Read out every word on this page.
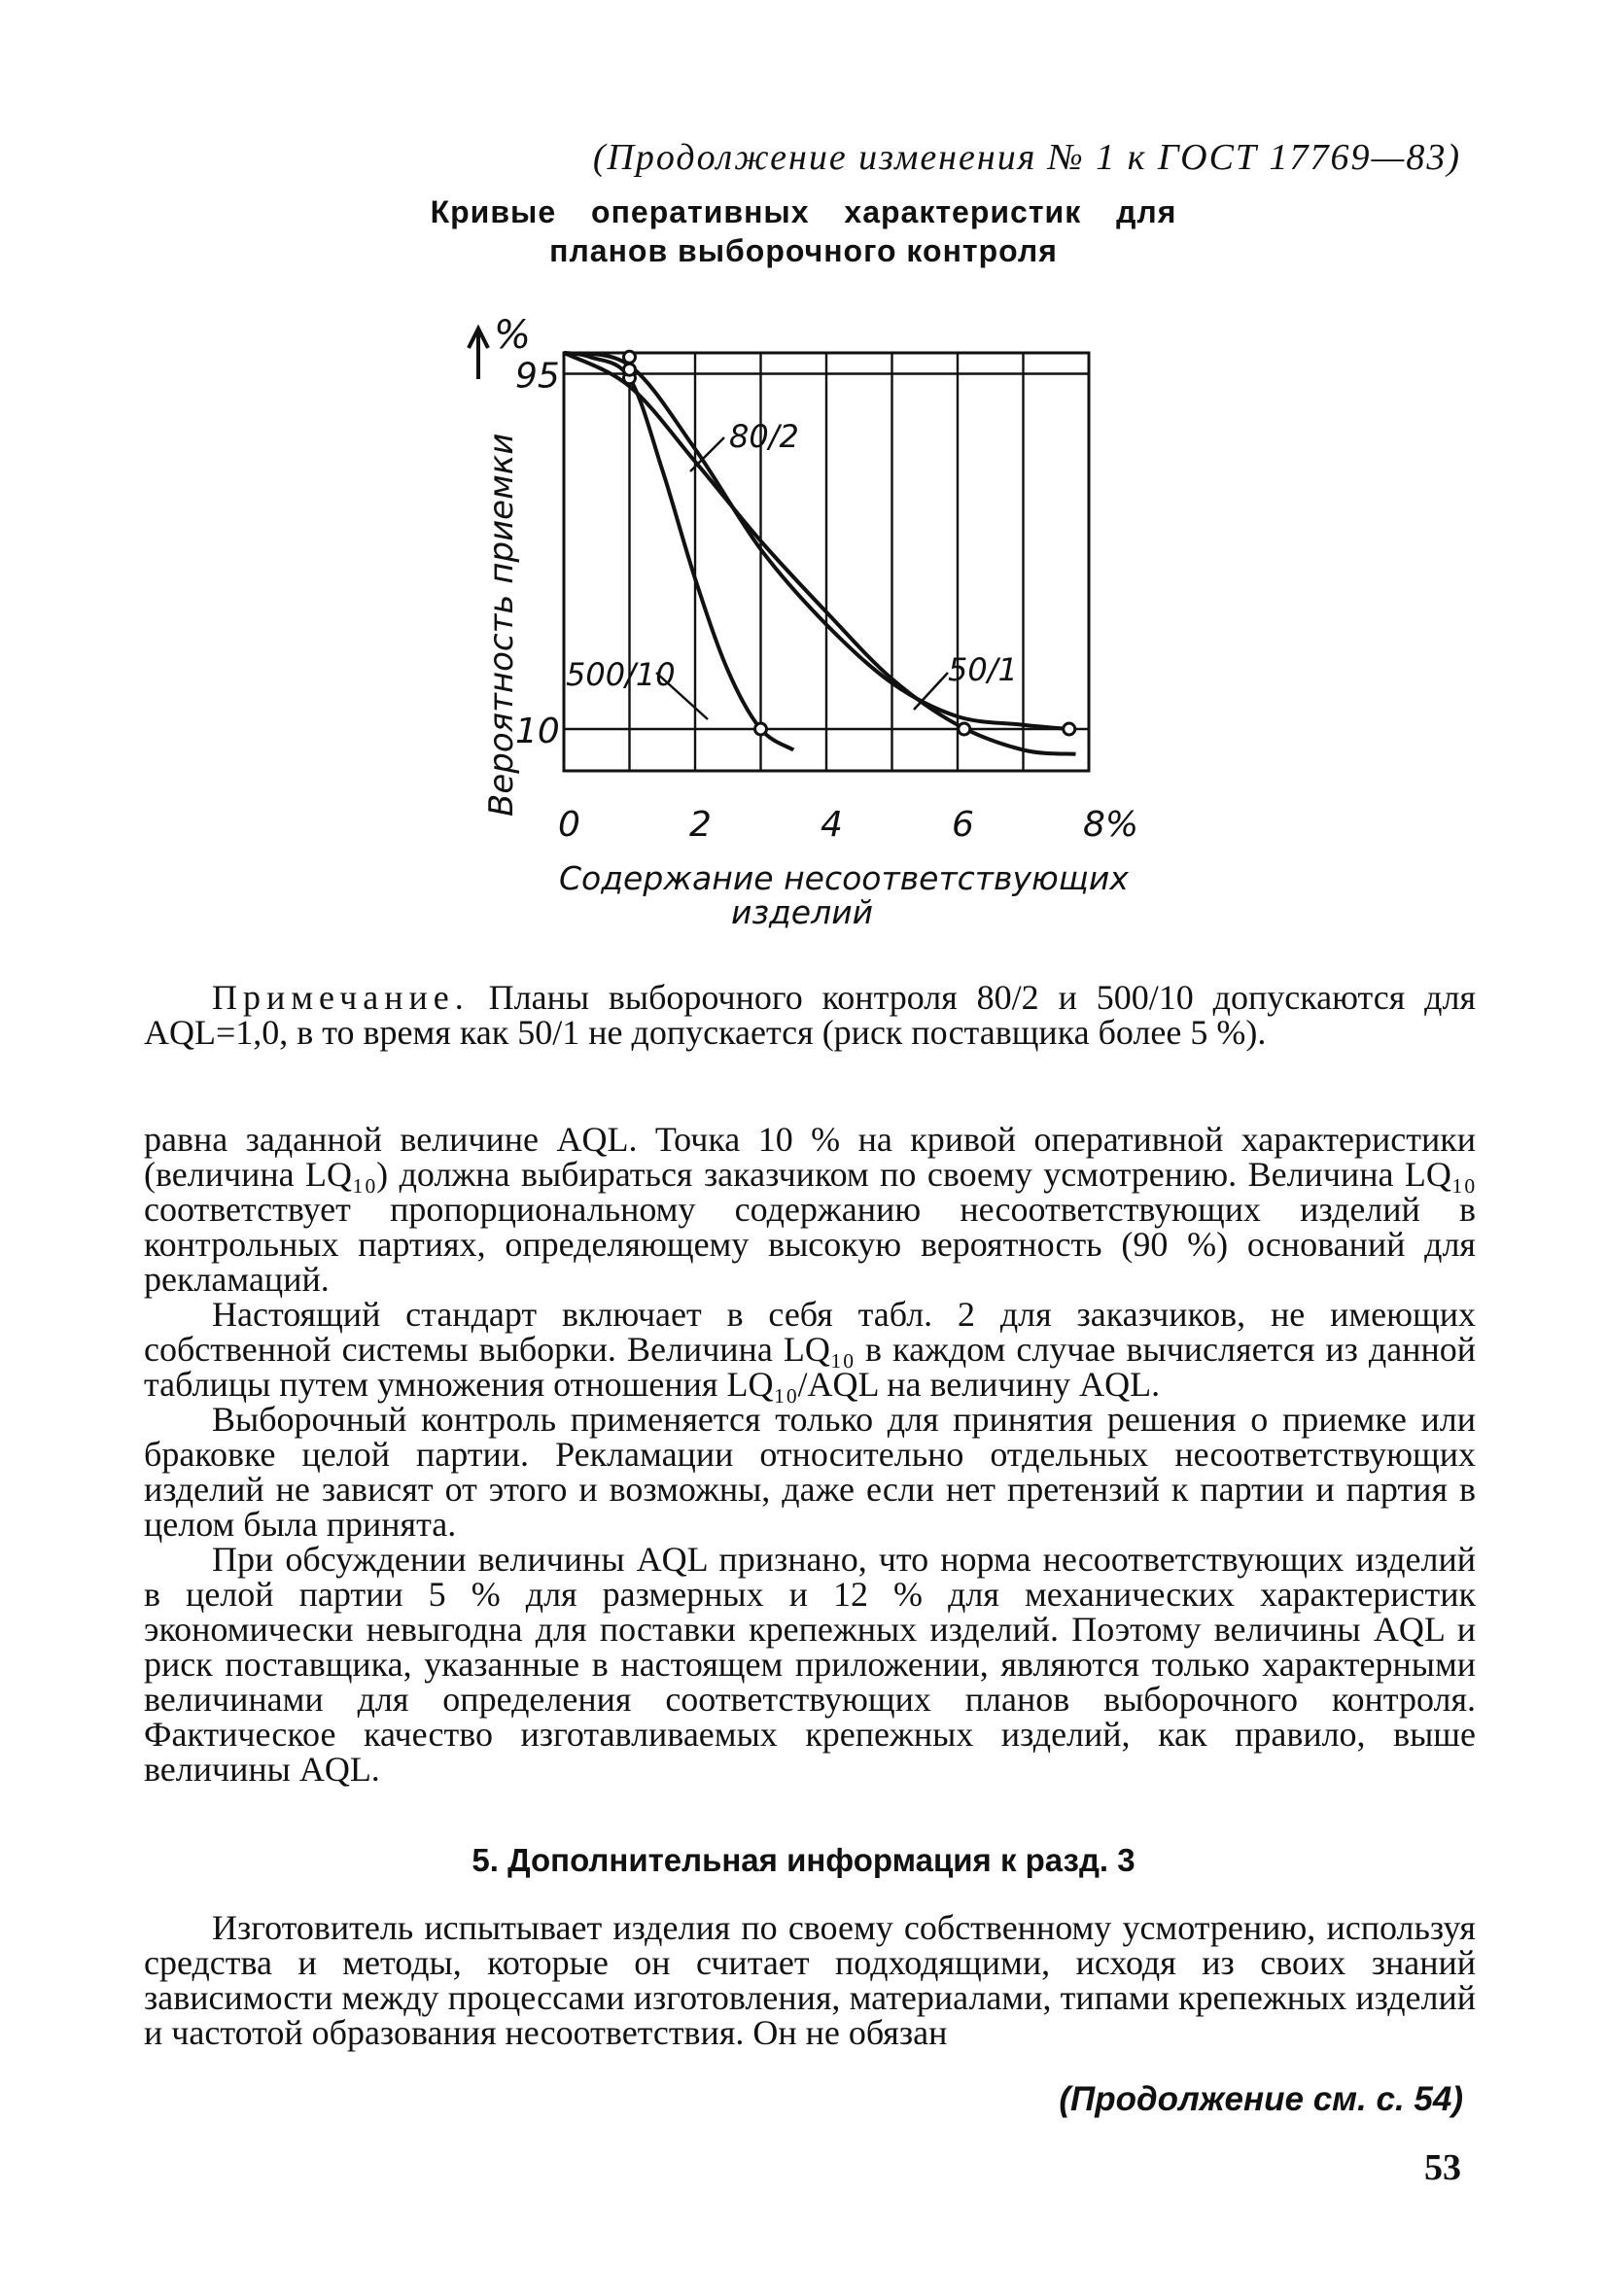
(Продолжение изменения № 1 к ГОСТ 17769—83)
Кривые оперативных характеристик для
планов выборочного контроля
0	2	4	6	8%
95
10
80/2
500/10	50/1
Вероятность приемки
%
Содержание несоответствующих
изделий

Примечание. Планы выборочного контроля 80/2 и 500/10 допускаются для AQL=1,0, в то время как 50/1 не допускается (риск поставщика более 5 %).

равна заданной величине AQL. Точка 10 % на кривой оперативной характеристики (величина LQ₁₀) должна выбираться заказчиком по своему усмотрению. Величина LQ₁₀ соответствует пропорциональному содержанию несоответствующих изделий в контрольных партиях, определяющему высокую вероятность (90 %) оснований для рекламаций.

Настоящий стандарт включает в себя табл. 2 для заказчиков, не имеющих собственной системы выборки. Величина LQ₁₀ в каждом случае вычисляется из данной таблицы путем умножения отношения LQ₁₀/AQL на величину AQL.

Выборочный контроль применяется только для принятия решения о приемке или браковке целой партии. Рекламации относительно отдельных несоответствующих изделий не зависят от этого и возможны, даже если нет претензий к партии и партия в целом была принята.

При обсуждении величины AQL признано, что норма несоответствующих изделий в целой партии 5 % для размерных и 12 % для механических характеристик экономически невыгодна для поставки крепежных изделий. Поэтому величины AQL и риск поставщика, указанные в настоящем приложении, являются только характерными величинами для определения соответствующих планов выборочного контроля. Фактическое качество изготавливаемых крепежных изделий, как правило, выше величины AQL.

5. Дополнительная информация к разд. 3

Изготовитель испытывает изделия по своему собственному усмотрению, используя средства и методы, которые он считает подходящими, исходя из своих знаний зависимости между процессами изготовления, материалами, типами крепежных изделий и частотой образования несоответствия. Он не обязан

(Продолжение см. с. 54)
53
